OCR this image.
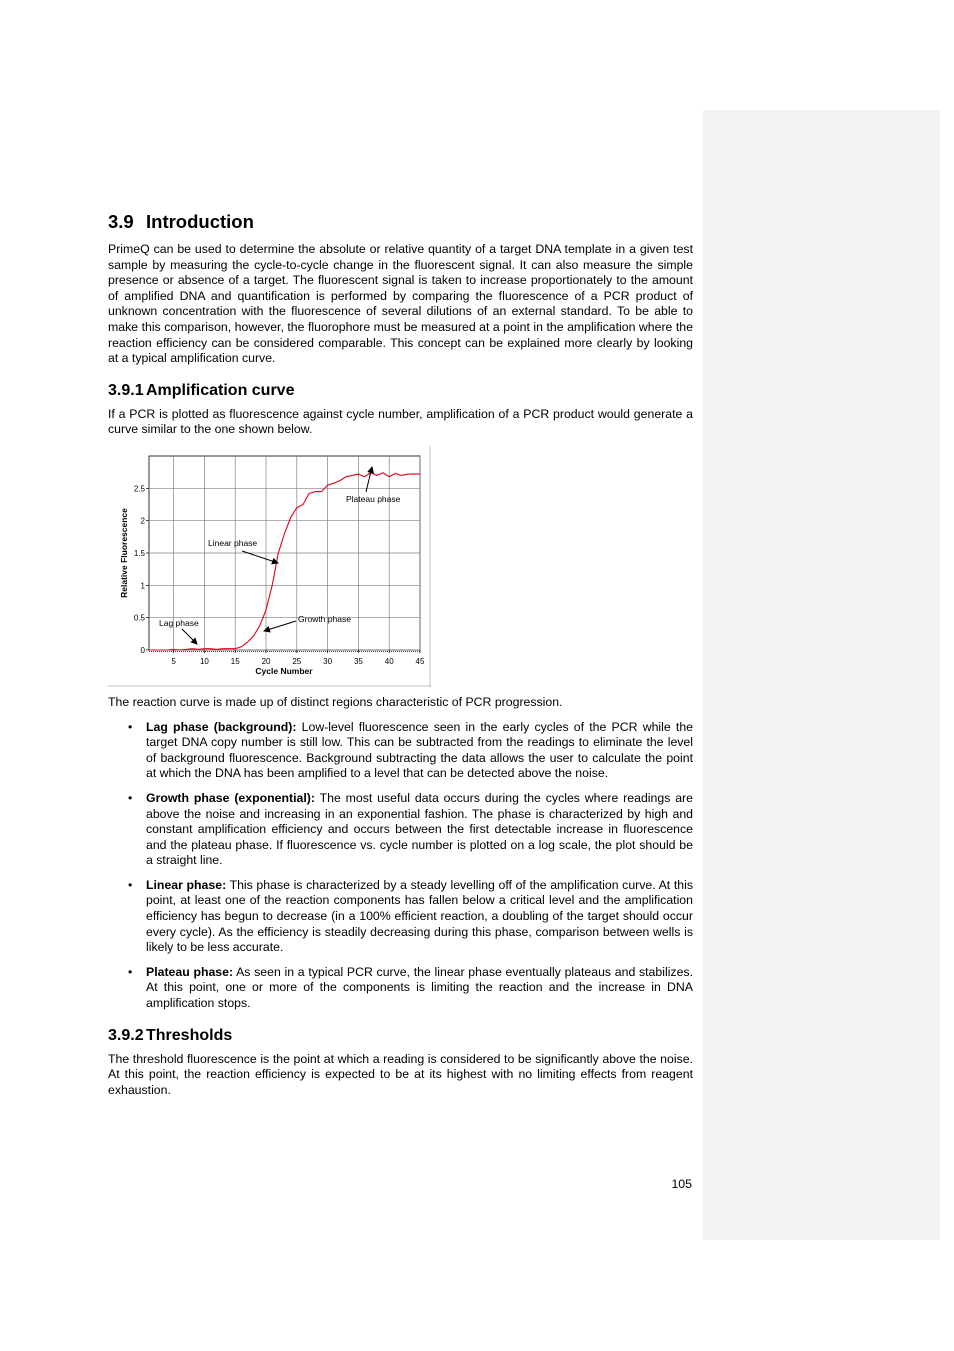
3.9 Introduction

PrimeQ can be used to determine the absolute or relative quantity of a target DNA template in a given test sample by measuring the cycle-to-cycle change in the fluorescent signal. It can also measure the simple presence or absence of a target. The fluorescent signal is taken to increase proportionately to the amount of amplified DNA and quantification is performed by comparing the fluorescence of a PCR product of unknown concentration with the fluorescence of several dilutions of an external standard. To be able to make this comparison, however, the fluorophore must be measured at a point in the amplification where the reaction efficiency can be considered comparable. This concept can be explained more clearly by looking at a typical amplification curve.

3.9.1 Amplification curve

If a PCR is plotted as fluorescence against cycle number, amplification of a PCR product would generate a curve similar to the one shown below.

5	10	15	20	25	30	35	40	45
0
0.5
1
1.5
2
2.5
Lag phase	Growth phase
Linear phase
Plateau phase
Cycle Number
Relative Fluorescence

The reaction curve is made up of distinct regions characteristic of PCR progression.

• Lag phase (background): Low-level fluorescence seen in the early cycles of the PCR while the target DNA copy number is still low. This can be subtracted from the readings to eliminate the level of background fluorescence. Background subtracting the data allows the user to calculate the point at which the DNA has been amplified to a level that can be detected above the noise.

• Growth phase (exponential): The most useful data occurs during the cycles where readings are above the noise and increasing in an exponential fashion. The phase is characterized by high and constant amplification efficiency and occurs between the first detectable increase in fluorescence and the plateau phase. If fluorescence vs. cycle number is plotted on a log scale, the plot should be a straight line.

• Linear phase: This phase is characterized by a steady levelling off of the amplification curve. At this point, at least one of the reaction components has fallen below a critical level and the amplification efficiency has begun to decrease (in a 100% efficient reaction, a doubling of the target should occur every cycle). As the efficiency is steadily decreasing during this phase, comparison between wells is likely to be less accurate.

• Plateau phase: As seen in a typical PCR curve, the linear phase eventually plateaus and stabilizes. At this point, one or more of the components is limiting the reaction and the increase in DNA amplification stops.

3.9.2 Thresholds

The threshold fluorescence is the point at which a reading is considered to be significantly above the noise. At this point, the reaction efficiency is expected to be at its highest with no limiting effects from reagent exhaustion.

105
